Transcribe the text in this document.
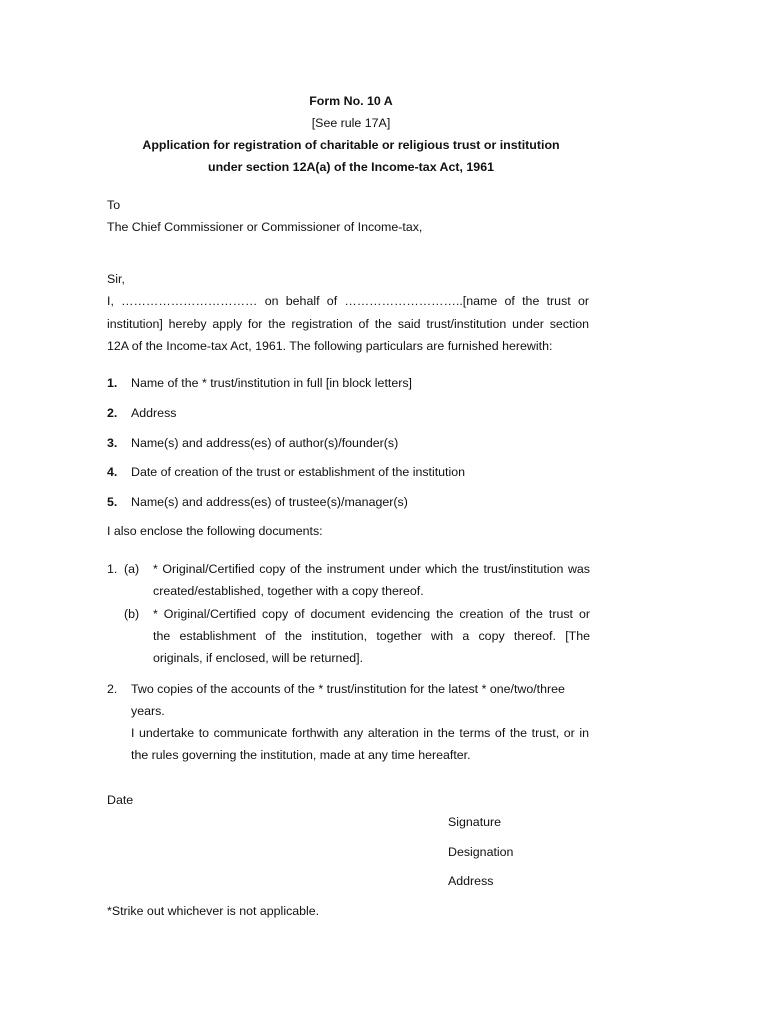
Form No. 10 A
[See rule 17A]
Application for registration of charitable or religious trust or institution
under section 12A(a) of the Income-tax Act, 1961
To
The Chief Commissioner or Commissioner of Income-tax,
Sir,
I, …………………………… on behalf of ………………………..[name of the trust or
institution] hereby apply for the registration of the said trust/institution under section
12A of the Income-tax Act, 1961. The following particulars are furnished herewith:
1. Name of the * trust/institution in full [in block letters]
2. Address
3. Name(s) and address(es) of author(s)/founder(s)
4. Date of creation of the trust or establishment of the institution
5. Name(s) and address(es) of trustee(s)/manager(s)
I also enclose the following documents:
1. (a) * Original/Certified copy of the instrument under which the trust/institution was
created/established, together with a copy thereof.
(b) * Original/Certified copy of document evidencing the creation of the trust or
the establishment of the institution, together with a copy thereof. [The
originals, if enclosed, will be returned].
2. Two copies of the accounts of the * trust/institution for the latest * one/two/three
years.
I undertake to communicate forthwith any alteration in the terms of the trust, or in
the rules governing the institution, made at any time hereafter.
Date
Signature
Designation
Address
*Strike out whichever is not applicable.
